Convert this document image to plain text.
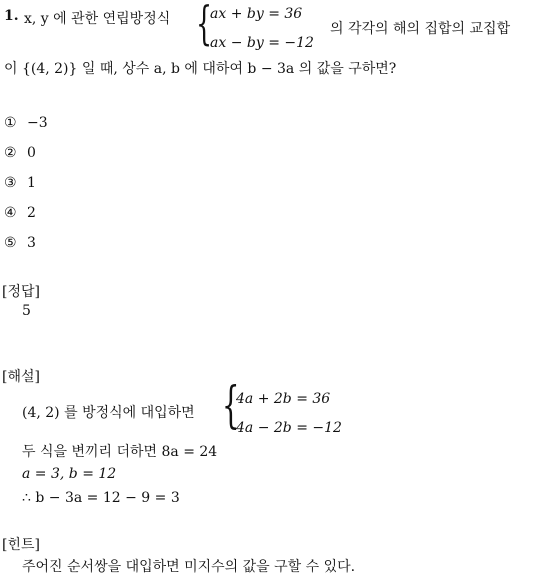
1. x, y 에 관한 연립방정식 {
ax + by = 36
ax − by = −12
의 각각의 해의 집합의 교집합
이 {(4, 2)} 일 때, 상수 a, b 에 대하여 b − 3a 의 값을 구하면?
① −3
② 0
③ 1
④ 2
⑤ 3
[정답]
5
[해설]
(4, 2) 를 방정식에 대입하면 {
4a + 2b = 36
4a − 2b = −12
두 식을 변끼리 더하면 8a = 24
a = 3, b = 12
∴ b − 3a = 12 − 9 = 3
[힌트]
주어진 순서쌍을 대입하면 미지수의 값을 구할 수 있다.
